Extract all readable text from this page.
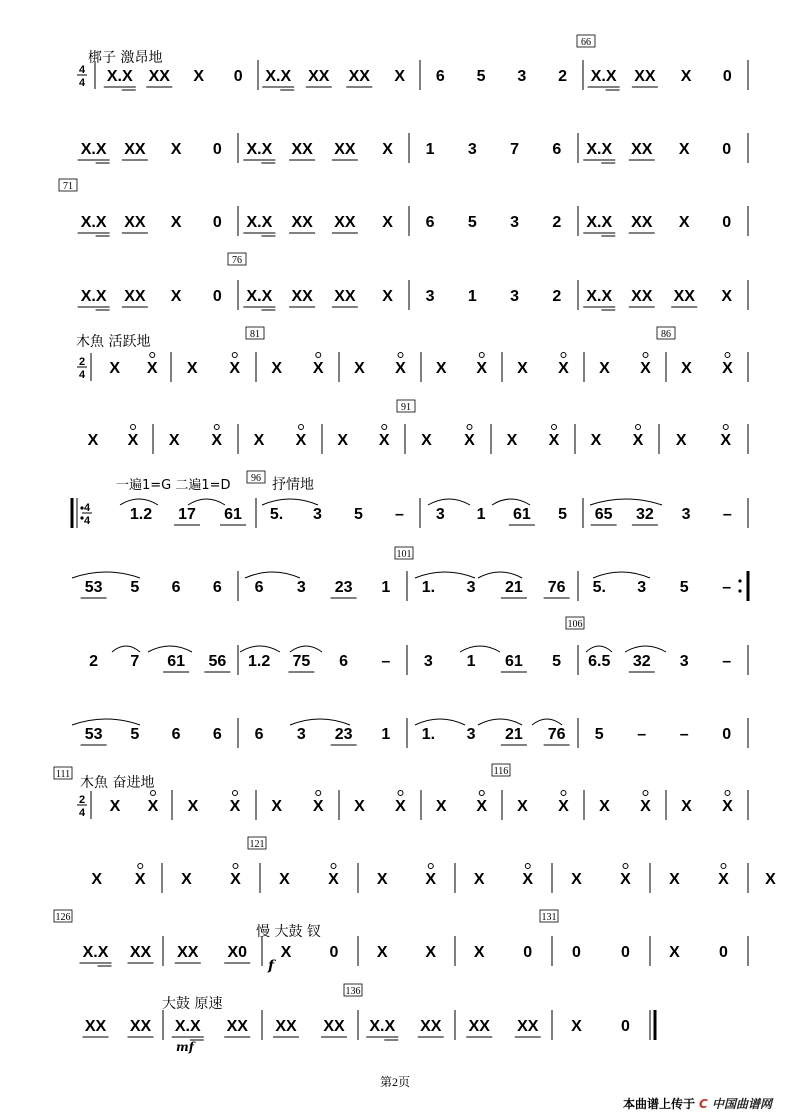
X.X XX X 0 X.X XX XX X 6 5 3 2 X.X XX X 0
X.X XX X 0 X.X XX XX X 1 3 7 6 X.X XX X 0
X.X XX X 0 X.X XX XX X 6 5 3 2 X.X XX X 0
X.X XX X 0 X.X XX XX X 3 1 3 2 X.X XX XX X
X X X X X X X X X X X X X X X X
X X X X X X X X X X X X X X X X
1.2 17 61 5. 3 5 – 3 1 61 5 65 32 3 –
53 5 6 6 6 3 23 1 1. 3 21 76 5. 3 5 –
2 7 61 56 1.2 75 6 – 3 1 61 5 6.5 32 3 –
53 5 6 6 6 3 23 1 1. 3 21 76 5 – – 0
X X X X X X X X X X X X X X X X
X X X X X X X X X X X X X X X
X.X XX XX X0 X 0 X X X 0 0	0 X 0
XX XX X.X XX XX XX X.X XX XX XX X 0
4
4
2
4
4
4
2
4
66
71
76
81	86
91
96
101
106
111	116
121
126	131
136
f
mf
梆子 激昂地
木魚 活跃地
一遍1=G 二遍1=D	抒情地
木魚 奋进地
慢 大鼓 钗
大鼓 原速
第2页
本曲谱上传于 C 中国曲谱网
